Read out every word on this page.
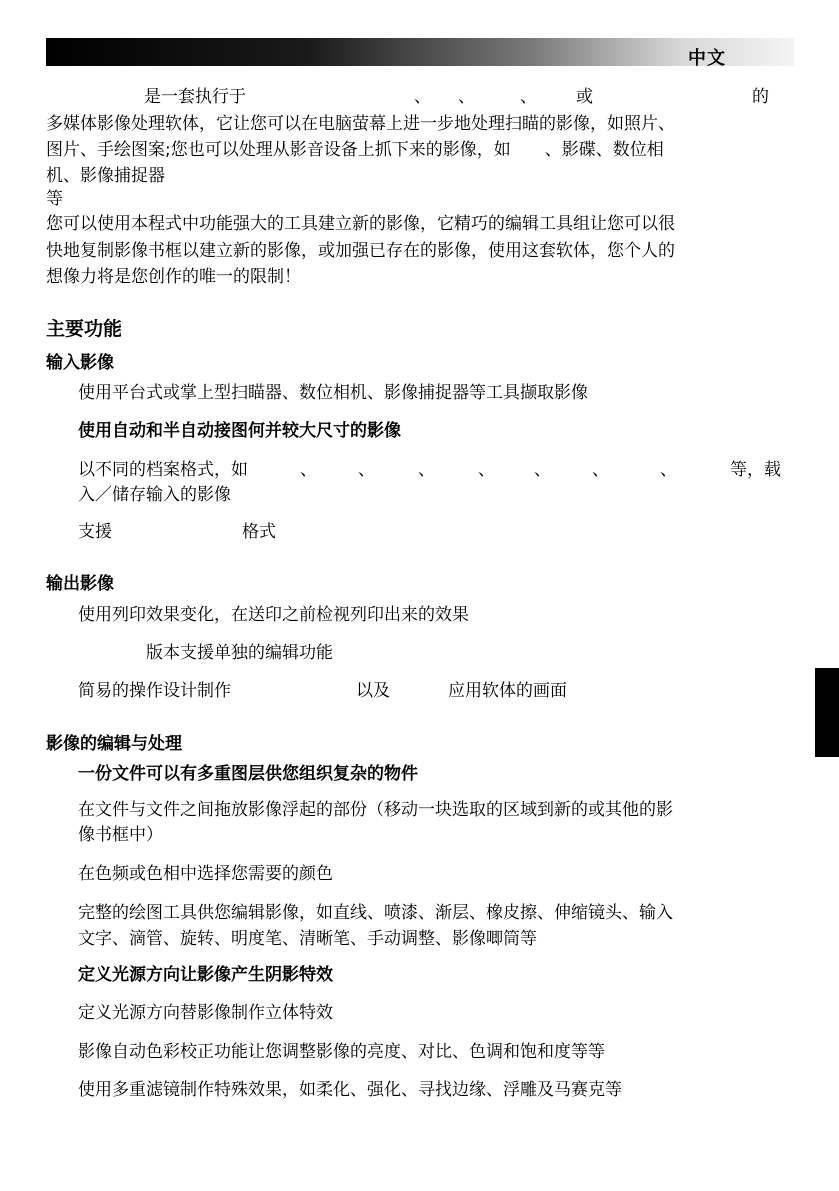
中文
是一套执行于	、 、	、 或	的
多媒体影像处理软体，它让您可以在电脑萤幕上进一步地处理扫瞄的影像，如照片、
图片、手绘图案;您也可以处理从影音设备上抓下来的影像，如　　、影碟、数位相
机、影像捕捉器
等
您可以使用本程式中功能强大的工具建立新的影像，它精巧的编辑工具组让您可以很
快地复制影像书框以建立新的影像，或加强已存在的影像，使用这套软体，您个人的
想像力将是您创作的唯一的限制！
主要功能
输入影像
使用平台式或掌上型扫瞄器、数位相机、影像捕捉器等工具撷取影像
使用自动和半自动接图何并较大尺寸的影像
以不同的档案格式，如	、 、	、	、 、 、	、	等，载
入／储存输入的影像
支援	格式
输出影像
使用列印效果变化，在送印之前检视列印出来的效果
版本支援单独的编辑功能
简易的操作设计制作	以及	应用软体的画面
影像的编辑与处理
一份文件可以有多重图层供您组织复杂的物件
在文件与文件之间拖放影像浮起的部份（移动一块选取的区域到新的或其他的影
像书框中）
在色频或色相中选择您需要的颜色
完整的绘图工具供您编辑影像，如直线、喷漆、渐层、橡皮擦、伸缩镜头、输入
文字、滴管、旋转、明度笔、清晰笔、手动调整、影像唧筒等
定义光源方向让影像产生阴影特效
定义光源方向替影像制作立体特效
影像自动色彩校正功能让您调整影像的亮度、对比、色调和饱和度等等
使用多重滤镜制作特殊效果，如柔化、强化、寻找边缘、浮雕及马赛克等
